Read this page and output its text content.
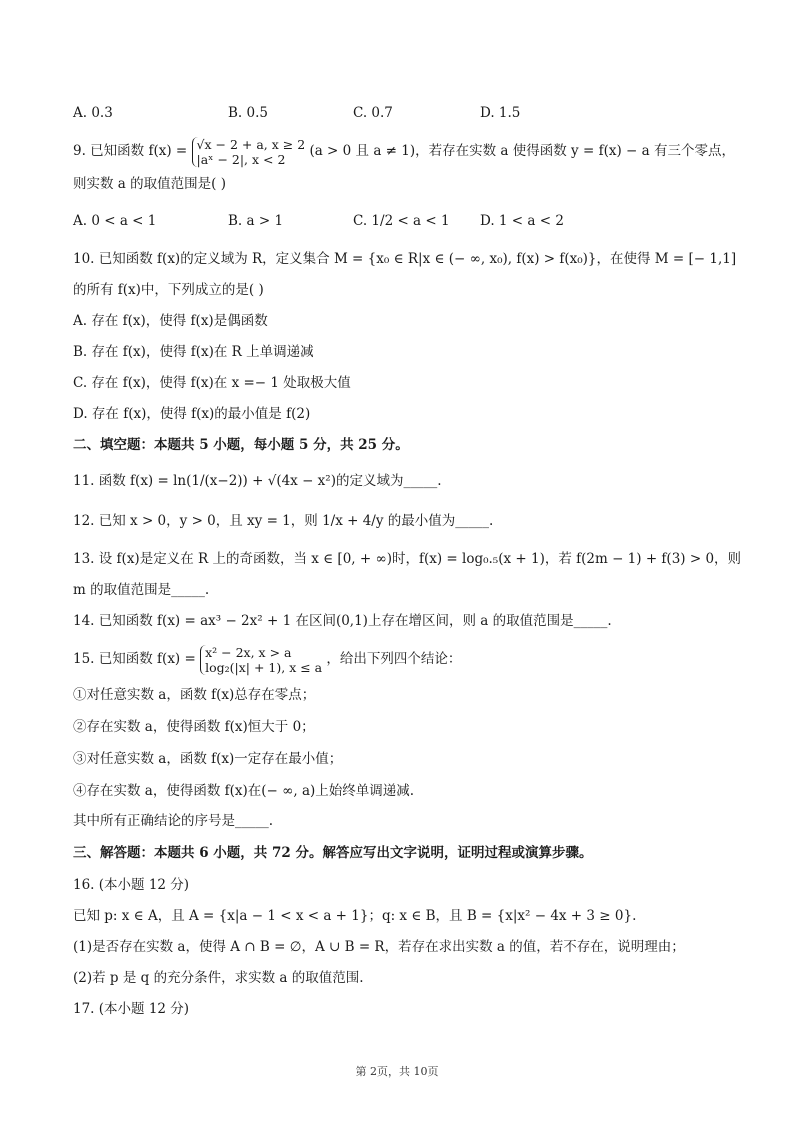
A. 0.3	B. 0.5	C. 0.7	D. 1.5
9. 已知函数 f(x) = √x − 2 + a, x ≥ 2
|aˣ − 2|, x < 2	(a > 0 且 a ≠ 1)，若存在实数 a 使得函数 y = f(x) − a 有三个零点，
则实数 a 的取值范围是( )
A. 0 < a < 1	B. a > 1	C. 1/2 < a < 1 D. 1 < a < 2
10. 已知函数 f(x)的定义域为 R，定义集合 M = {x₀ ∈ R|x ∈ (− ∞, x₀), f(x) > f(x₀)}，在使得 M = [− 1,1]
的所有 f(x)中，下列成立的是( )
A. 存在 f(x)，使得 f(x)是偶函数
B. 存在 f(x)，使得 f(x)在 R 上单调递减
C. 存在 f(x)，使得 f(x)在 x =− 1 处取极大值
D. 存在 f(x)，使得 f(x)的最小值是 f(2)
二、填空题：本题共 5 小题，每小题 5 分，共 25 分。
11. 函数 f(x) = ln(1/(x−2)) + √(4x − x²)的定义域为_____.
12. 已知 x > 0，y > 0，且 xy = 1，则 1/x + 4/y 的最小值为_____.
13. 设 f(x)是定义在 R 上的奇函数，当 x ∈ [0, + ∞)时，f(x) = log₀.₅(x + 1)，若 f(2m − 1) + f(3) > 0，则
m 的取值范围是_____.
14. 已知函数 f(x) = ax³ − 2x² + 1 在区间(0,1)上存在增区间，则 a 的取值范围是_____.
15. 已知函数 f(x) = x² − 2x, x > a
log₂(|x| + 1), x ≤ a ，给出下列四个结论：
①对任意实数 a，函数 f(x)总存在零点；
②存在实数 a，使得函数 f(x)恒大于 0；
③对任意实数 a，函数 f(x)一定存在最小值；
④存在实数 a，使得函数 f(x)在(− ∞, a)上始终单调递减.
其中所有正确结论的序号是_____.
三、解答题：本题共 6 小题，共 72 分。解答应写出文字说明，证明过程或演算步骤。
16. (本小题 12 分)
已知 p: x ∈ A，且 A = {x|a − 1 < x < a + 1}；q: x ∈ B，且 B = {x|x² − 4x + 3 ≥ 0}.
(1)是否存在实数 a，使得 A ∩ B = ∅，A ∪ B = R，若存在求出实数 a 的值，若不存在，说明理由；
(2)若 p 是 q 的充分条件，求实数 a 的取值范围.
17. (本小题 12 分)
第 2页，共 10页
